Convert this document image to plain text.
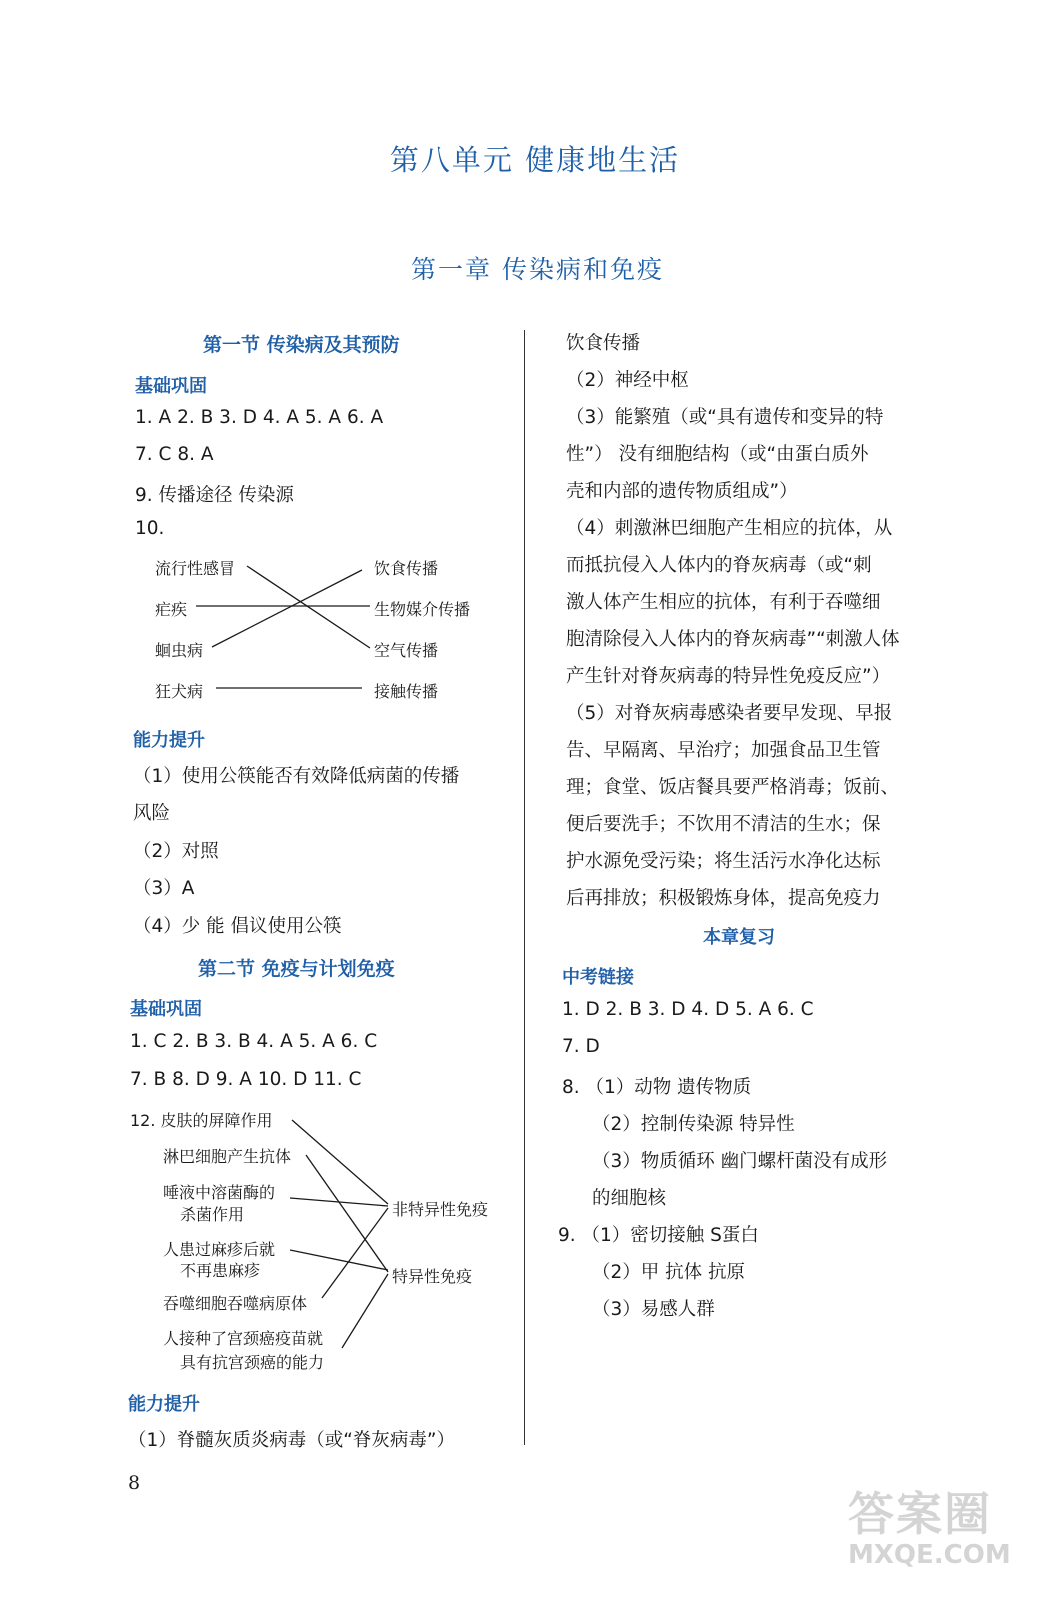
第八单元 健康地生活
第一章 传染病和免疫
第一节 传染病及其预防
基础巩固
1. A 2. B 3. D 4. A 5. A 6. A
7. C 8. A
9. 传播途径 传染源
10.
流行性感冒
疟疾
蛔虫病
狂犬病
饮食传播
生物媒介传播
空气传播
接触传播
能力提升
（1）使用公筷能否有效降低病菌的传播
风险
（2）对照
（3）A
（4）少 能 倡议使用公筷
第二节 免疫与计划免疫
基础巩固
1. C 2. B 3. B 4. A 5. A 6. C
7. B 8. D 9. A 10. D 11. C
12. 皮肤的屏障作用
淋巴细胞产生抗体
唾液中溶菌酶的
杀菌作用
人患过麻疹后就
不再患麻疹
吞噬细胞吞噬病原体
人接种了宫颈癌疫苗就
具有抗宫颈癌的能力
非特异性免疫
特异性免疫
能力提升
（1）脊髓灰质炎病毒（或“脊灰病毒”）
饮食传播
（2）神经中枢
（3）能繁殖（或“具有遗传和变异的特
性”） 没有细胞结构（或“由蛋白质外
壳和内部的遗传物质组成”）
（4）刺激淋巴细胞产生相应的抗体，从
而抵抗侵入人体内的脊灰病毒（或“刺
激人体产生相应的抗体，有利于吞噬细
胞清除侵入人体内的脊灰病毒”“刺激人体
产生针对脊灰病毒的特异性免疫反应”）
（5）对脊灰病毒感染者要早发现、早报
告、早隔离、早治疗；加强食品卫生管
理；食堂、饭店餐具要严格消毒；饭前、
便后要洗手；不饮用不清洁的生水；保
护水源免受污染；将生活污水净化达标
后再排放；积极锻炼身体，提高免疫力
本章复习
中考链接
1. D 2. B 3. D 4. D 5. A 6. C
7. D
8. （1）动物 遗传物质
（2）控制传染源 特异性
（3）物质循环 幽门螺杆菌没有成形
的细胞核
9. （1）密切接触 S蛋白
（2）甲 抗体 抗原
（3）易感人群
8
答案圈
MXQE.COM
